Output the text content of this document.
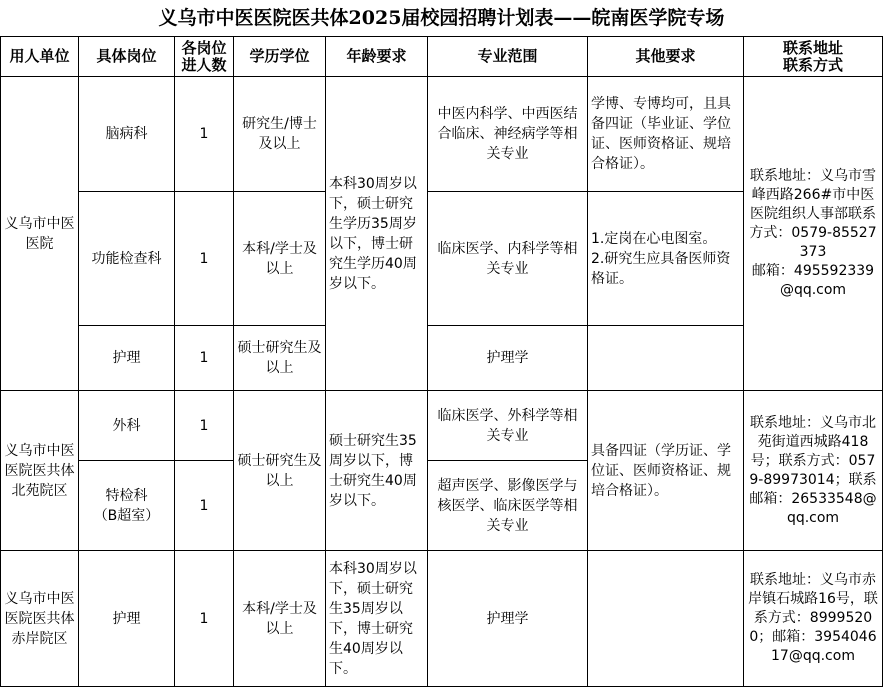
义乌市中医医院医共体2025届校园招聘计划表——皖南医学院专场
用人单位	具体岗位	各岗位
进人数	学历学位	年龄要求	专业范围	其他要求	联系地址
联系方式
义乌市中医医院	脑病科	1	研究生/博士及以上	本科30周岁以下，硕士研究生学历35周岁以下，博士研究生学历40周岁以下。	中医内科学、中西医结合临床、神经病学等相关专业	学博、专博均可，且具备四证（毕业证、学位证、医师资格证、规培合格证）。	联系地址：义乌市雪峰西路266#市中医医院组织人事部联系方式：0579-85527373
邮箱：495592339@qq.com
	功能检查科	1	本科/学士及以上		临床医学、内科学等相关专业	1.定岗在心电图室。
2.研究生应具备医师资格证。	
	护理	1	硕士研究生及以上		护理学		
义乌市中医医院医共体北苑院区	外科	1	硕士研究生及以上	硕士研究生35周岁以下，博士研究生40周岁以下。	临床医学、外科学等相关专业	具备四证（学历证、学位证、医师资格证、规培合格证）。	联系地址：义乌市北苑街道西城路418号；联系方式：0579-89973014；联系邮箱：26533548@qq.com
	特检科
（B超室）	1			超声医学、影像医学与核医学、临床医学等相关专业		
义乌市中医医院医共体赤岸院区	护理	1	本科/学士及以上	本科30周岁以下，硕士研究生35周岁以下，博士研究生40周岁以下。	护理学		联系地址：义乌市赤岸镇石城路16号，联系方式：89995200；邮箱：395404617@qq.com
